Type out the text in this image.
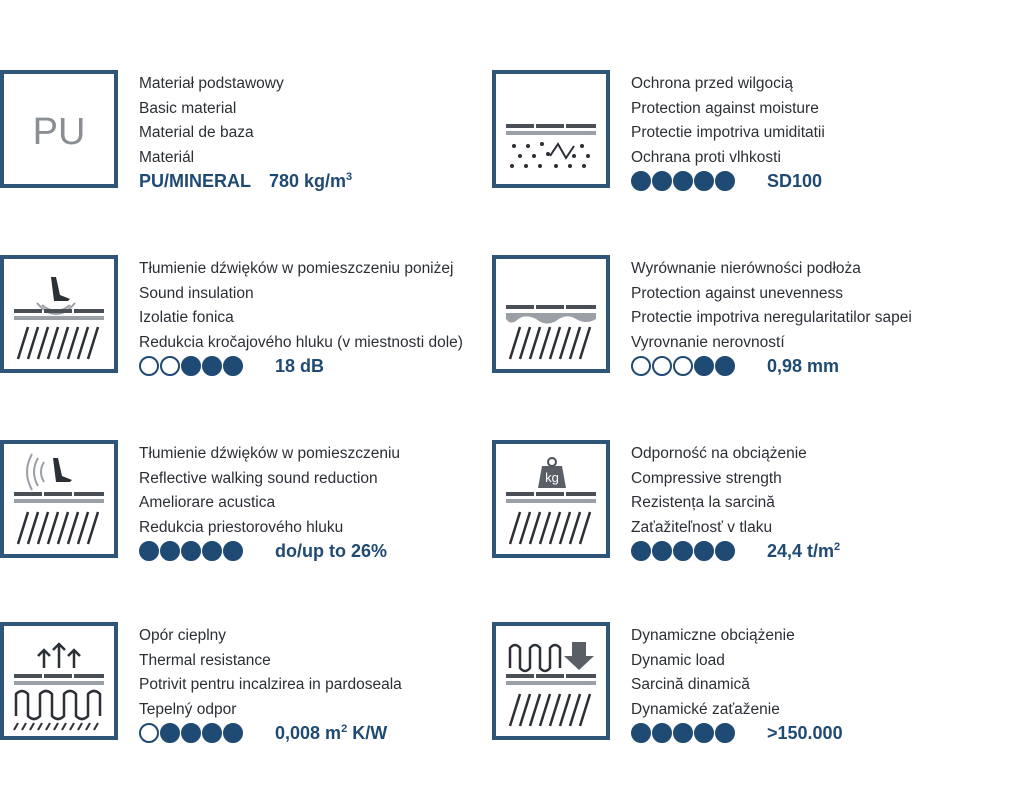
PU
Materiał podstawowy
Basic material
Material de baza
Materiál
PU/MINERAL 780 $kg/m^3$
Ochrona przed wilgocią
Protection against moisture
Protectie impotriva umiditatii
Ochrana proti vlhkosti
SD100
Tłumienie dźwięków w pomieszczeniu poniżej
Sound insulation
Izolatie fonica
Redukcia kročajového hluku (v miestnosti dole)
18 dB
Wyrównanie nierówności podłoża
Protection against unevenness
Protectie impotriva neregularitatilor sapei
Vyrovnanie nerovností
0,98 mm
Tłumienie dźwięków w pomieszczeniu
Reflective walking sound reduction
Ameliorare acustica
Redukcia priestorového hluku
do/up to 26%
kg
Odporność na obciążenie
Compressive strength
Rezistența la sarcină
Zaťažiteľnosť v tlaku
24,4 $t/m^2$
Opór cieplny
Thermal resistance
Potrivit pentru incalzirea in pardoseala
Tepelný odpor
0,008 $m^2$ K/W
Dynamiczne obciążenie
Dynamic load
Sarcină dinamică
Dynamické zaťaženie
>150.000
